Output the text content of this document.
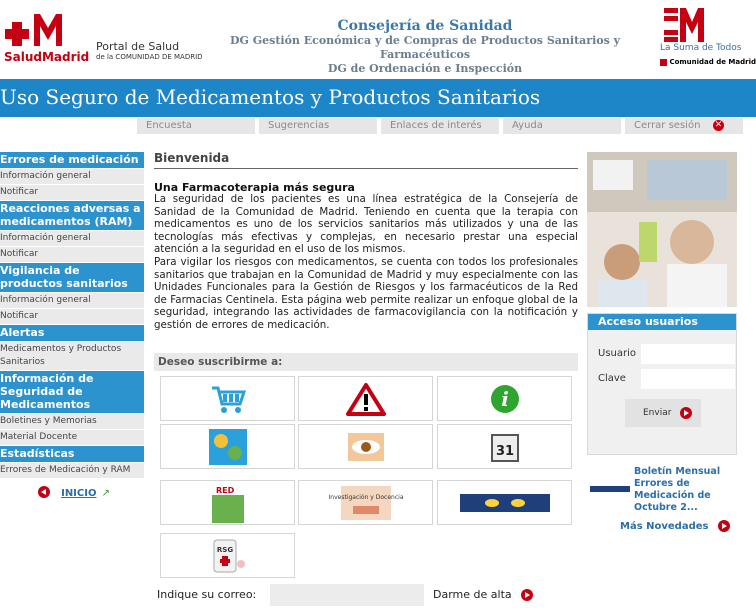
SaludMadrid
Portal de Salud
de la COMUNIDAD DE MADRID
Consejería de Sanidad
DG Gestión Económica y de Compras de Productos Sanitarios y Farmacéuticos
DG de Ordenación e Inspección
La Suma de Todos
Comunidad de Madrid
Uso Seguro de Medicamentos y Productos Sanitarios
Encuesta	Sugerencias	Enlaces de interés	Ayuda	Cerrar sesión ✕
Errores de medicación
Información general
Notificar
Reacciones adversas a medicamentos (RAM)
Información general
Notificar
Vigilancia de productos sanitarios
Información general
Notificar
Alertas
Medicamentos y Productos Sanitarios
Información de Seguridad de Medicamentos
Boletines y Memorias
Material Docente
Estadísticas
Errores de Medicación y RAM
INICIO ↗
Bienvenida
Una Farmacoterapia más segura
La seguridad de los pacientes es una línea estratégica de la Consejería de Sanidad de la Comunidad de Madrid. Teniendo en cuenta que la terapia con medicamentos es uno de los servicios sanitarios más utilizados y una de las tecnologías más efectivas y complejas, en necesario prestar una especial atención a la seguridad en el uso de los mismos.
Para vigilar los riesgos con medicamentos, se cuenta con todos los profesionales sanitarios que trabajan en la Comunidad de Madrid y muy especialmente con las Unidades Funcionales para la Gestión de Riesgos y los farmacéuticos de la Red de Farmacias Centinela. Esta página web permite realizar un enfoque global de la seguridad, integrando las actividades de farmacovigilancia con la notificación y gestión de errores de medicación.
Deseo suscribirme a:
i
31
RED
Investigación y Docencia
RSG
Indique su correo:	Darme de alta
Acceso usuarios
Usuario
Clave
Enviar
Boletín Mensual Errores de Medicación de Octubre 2...
Más Novedades
